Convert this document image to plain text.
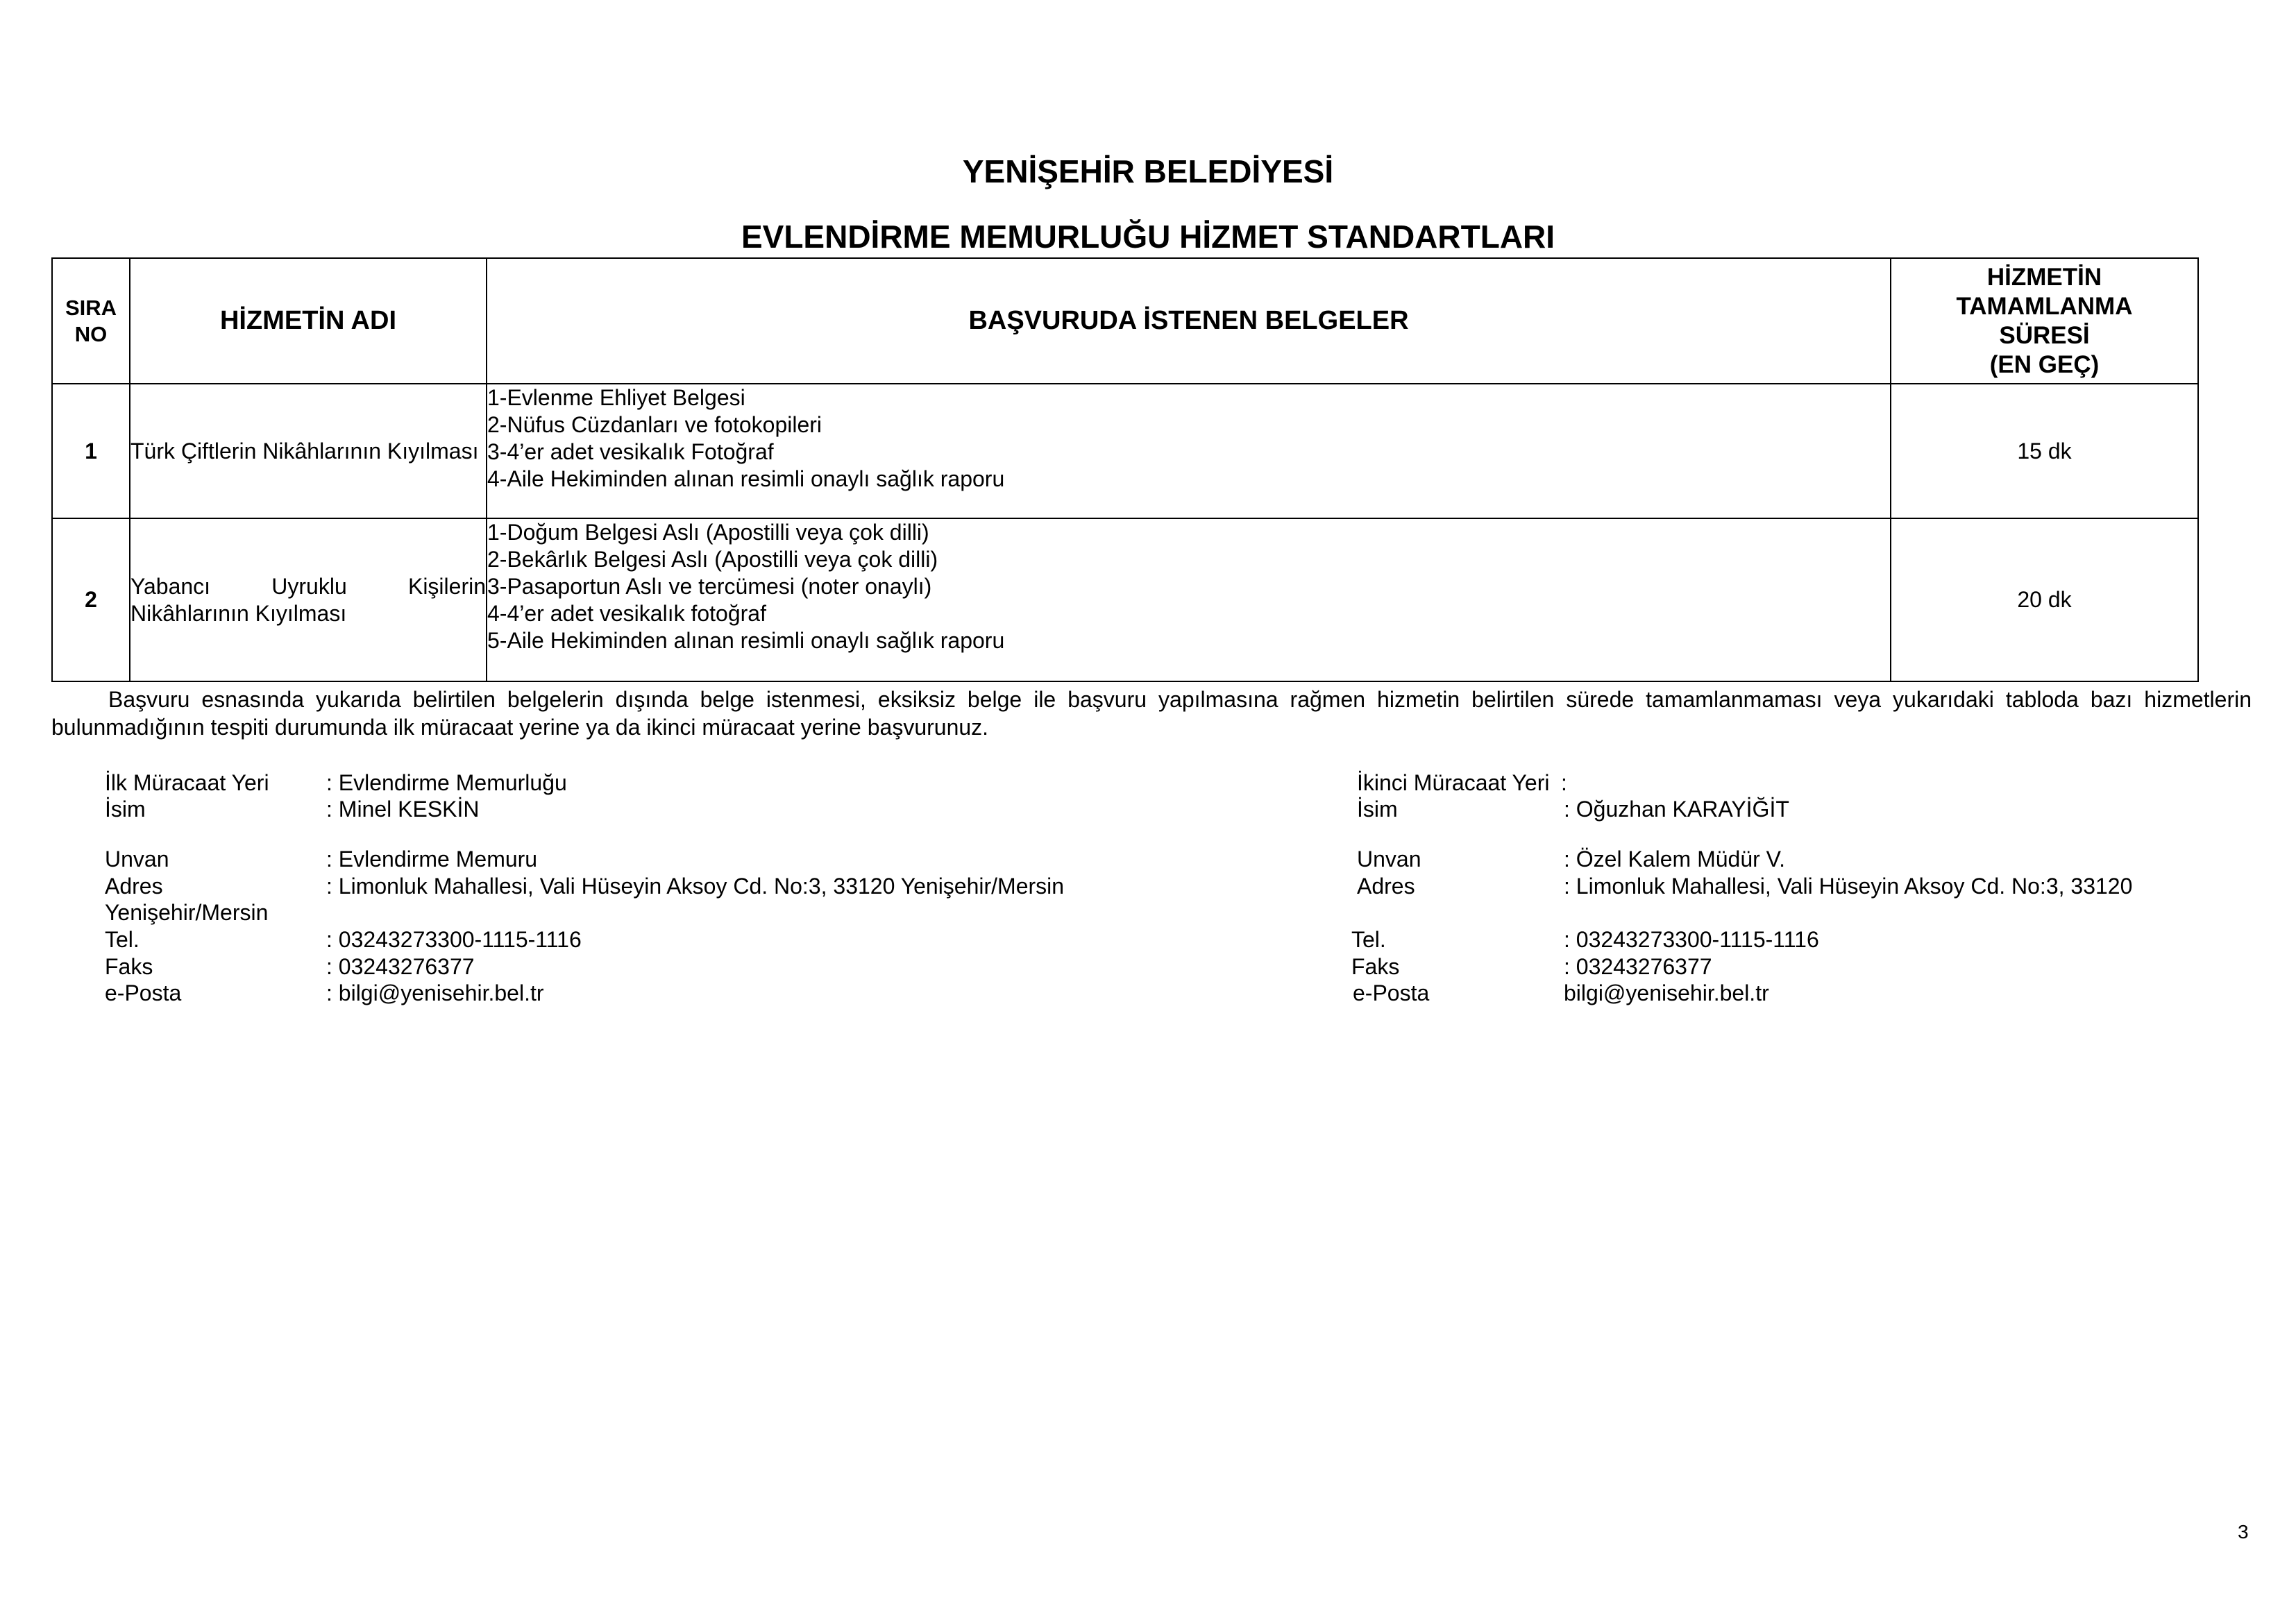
YENİŞEHİR BELEDİYESİ
EVLENDİRME MEMURLUĞU HİZMET STANDARTLARI
SIRA
NO	HİZMETİN ADI	BAŞVURUDA İSTENEN BELGELER	HİZMETİN
TAMAMLANMA
SÜRESİ
(EN GEÇ)

1	Türk Çiftlerin Nikâhlarının Kıyılması	1-Evlenme Ehliyet Belgesi
2-Nüfus Cüzdanları ve fotokopileri
3-4’er adet vesikalık Fotoğraf
4-Aile Hekiminden alınan resimli onaylı sağlık raporu	15 dk
2	Yabancı Uyruklu Kişilerin Nikâhlarının Kıyılması	1-Doğum Belgesi Aslı (Apostilli veya çok dilli)
2-Bekârlık Belgesi Aslı (Apostilli veya çok dilli)
3-Pasaportun Aslı ve tercümesi (noter onaylı)
4-4’er adet vesikalık fotoğraf
5-Aile Hekiminden alınan resimli onaylı sağlık raporu	20 dk
Başvuru esnasında yukarıda belirtilen belgelerin dışında belge istenmesi, eksiksiz belge ile başvuru yapılmasına rağmen hizmetin belirtilen sürede tamamlanmaması veya yukarıdaki tabloda bazı hizmetlerin bulunmadığının tespiti durumunda ilk müracaat yerine ya da ikinci müracaat yerine başvurunuz.
İlk Müracaat Yeri	: Evlendirme Memurluğu
İsim	: Minel KESKİN
Unvan	: Evlendirme Memuru
Adres	: Limonluk Mahallesi, Vali Hüseyin Aksoy Cd. No:3, 33120 Yenişehir/Mersin
Yenişehir/Mersin
Tel.	: 03243273300-1115-1116
Faks	: 03243276377
e-Posta	: bilgi@yenisehir.bel.tr
İkinci Müracaat Yeri :
İsim	: Oğuzhan KARAYİĞİT
Unvan	: Özel Kalem Müdür V.
Adres	: Limonluk Mahallesi, Vali Hüseyin Aksoy Cd. No:3, 33120
Tel.	: 03243273300-1115-1116
Faks	: 03243276377
e-Posta	bilgi@yenisehir.bel.tr
3
